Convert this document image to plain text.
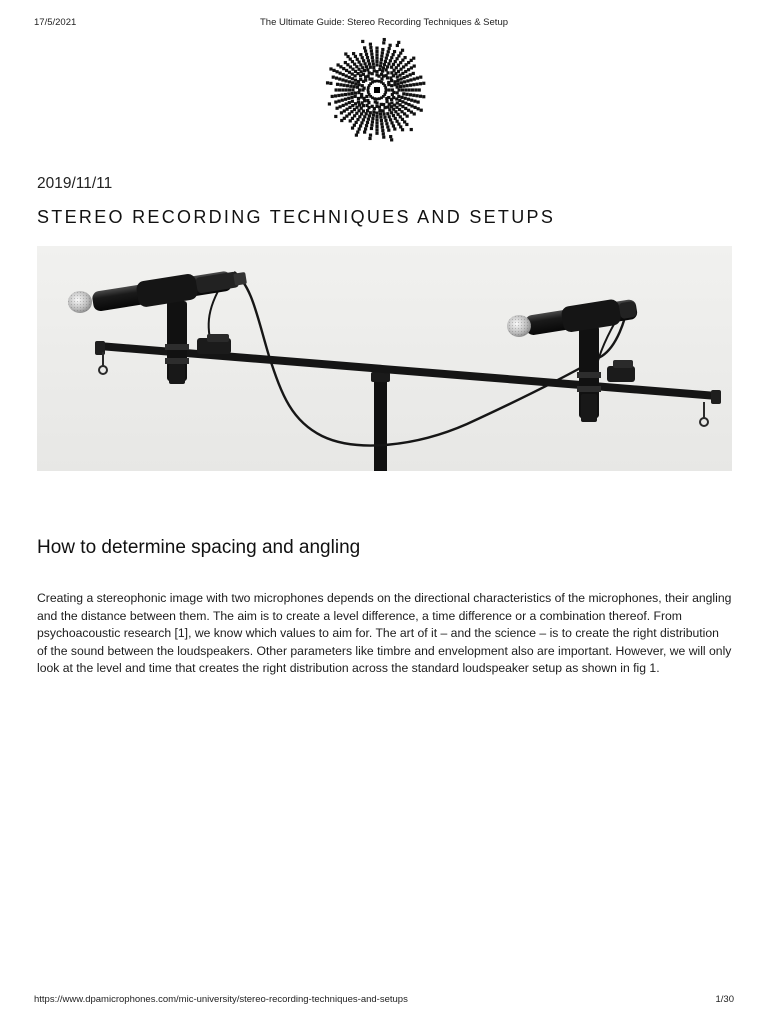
17/5/2021	The Ultimate Guide: Stereo Recording Techniques & Setup
2019/11/11
STEREO RECORDING TECHNIQUES AND SETUPS
How to determine spacing and angling

Creating a stereophonic image with two microphones depends on the directional characteristics of the microphones, their angling and the distance between them. The aim is to create a level difference, a time difference or a combination thereof. From psychoacoustic research [1], we know which values to aim for. The art of it – and the science – is to create the right distribution of the sound between the loudspeakers. Other parameters like timbre and envelopment also are important. However, we will only look at the level and time that creates the right distribution across the standard loudspeaker setup as shown in fig 1.

https://www.dpamicrophones.com/mic-university/stereo-recording-techniques-and-setups	1/30
